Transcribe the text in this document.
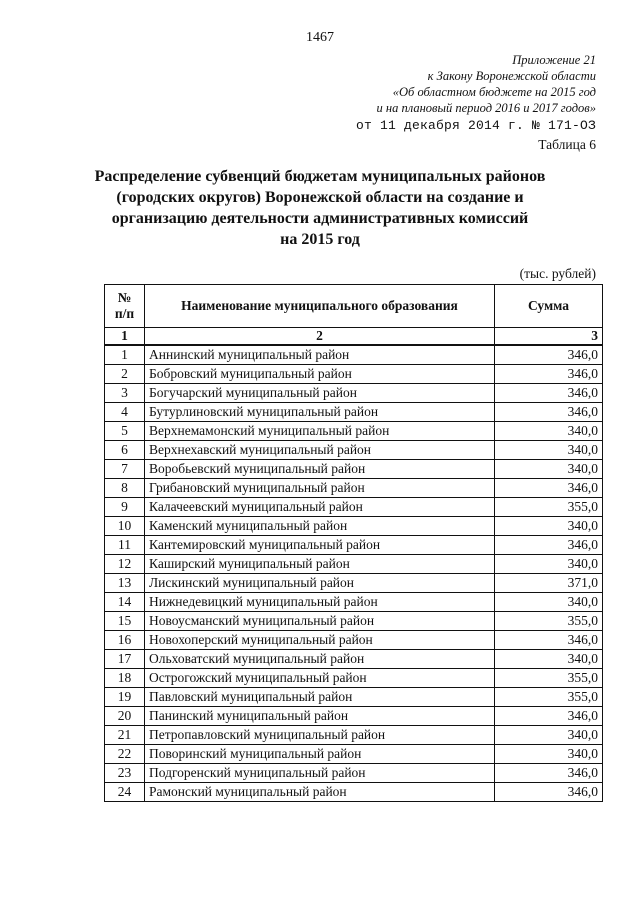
1467
Приложение 21
к Закону Воронежской области
«Об областном бюджете на 2015 год
и на плановый период 2016 и 2017 годов»
от 11 декабря 2014 г. № 171-ОЗ
Таблица 6
Распределение субвенций бюджетам муниципальных районов
(городских округов) Воронежской области на создание и
организацию деятельности административных комиссий
на 2015 год
(тыс. рублей)
№
п/п	Наименование муниципального образования	Сумма
1	2	3
1	Аннинский муниципальный район	346,0
2	Бобровский муниципальный район	346,0
3	Богучарский муниципальный район	346,0
4	Бутурлиновский муниципальный район	346,0
5	Верхнемамонский муниципальный район	340,0
6	Верхнехавский муниципальный район	340,0
7	Воробьевский муниципальный район	340,0
8	Грибановский муниципальный район	346,0
9	Калачеевский муниципальный район	355,0
10	Каменский муниципальный район	340,0
11	Кантемировский муниципальный район	346,0
12	Каширский муниципальный район	340,0
13	Лискинский муниципальный район	371,0
14	Нижнедевицкий муниципальный район	340,0
15	Новоусманский муниципальный район	355,0
16	Новохоперский муниципальный район	346,0
17	Ольховатский муниципальный район	340,0
18	Острогожский муниципальный район	355,0
19	Павловский муниципальный район	355,0
20	Панинский муниципальный район	346,0
21	Петропавловский муниципальный район	340,0
22	Поворинский муниципальный район	340,0
23	Подгоренский муниципальный район	346,0
24	Рамонский муниципальный район	346,0
